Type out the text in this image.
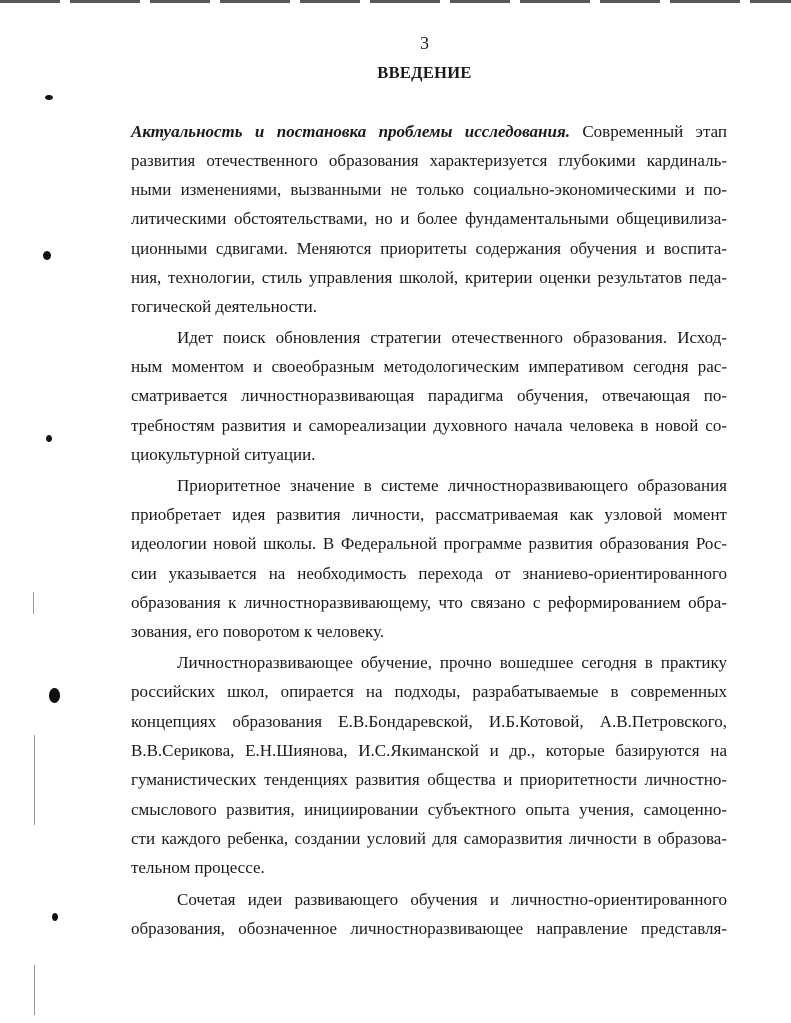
3
ВВЕДЕНИЕ
Актуальность и постановка проблемы исследования. Современный этап
развития отечественного образования характеризуется глубокими кардиналь-
ными изменениями, вызванными не только социально-экономическими и по-
литическими обстоятельствами, но и более фундаментальными общецивилиза-
ционными сдвигами. Меняются приоритеты содержания обучения и воспита-
ния, технологии, стиль управления школой, критерии оценки результатов педа-
гогической деятельности.
Идет поиск обновления стратегии отечественного образования. Исход-
ным моментом и своеобразным методологическим императивом сегодня рас-
сматривается личностноразвивающая парадигма обучения, отвечающая по-
требностям развития и самореализации духовного начала человека в новой со-
циокультурной ситуации.
Приоритетное значение в системе личностноразвивающего образования
приобретает идея развития личности, рассматриваемая как узловой момент
идеологии новой школы. В Федеральной программе развития образования Рос-
сии указывается на необходимость перехода от знаниево-ориентированного
образования к личностноразвивающему, что связано с реформированием обра-
зования, его поворотом к человеку.
Личностноразвивающее обучение, прочно вошедшее сегодня в практику
российских школ, опирается на подходы, разрабатываемые в современных
концепциях образования Е.В.Бондаревской, И.Б.Котовой, А.В.Петровского,
В.В.Серикова, Е.Н.Шиянова, И.С.Якиманской и др., которые базируются на
гуманистических тенденциях развития общества и приоритетности личностно-
смыслового развития, инициировании субъектного опыта учения, самоценно-
сти каждого ребенка, создании условий для саморазвития личности в образова-
тельном процессе.
Сочетая идеи развивающего обучения и личностно-ориентированного
образования, обозначенное личностноразвивающее направление представля-
